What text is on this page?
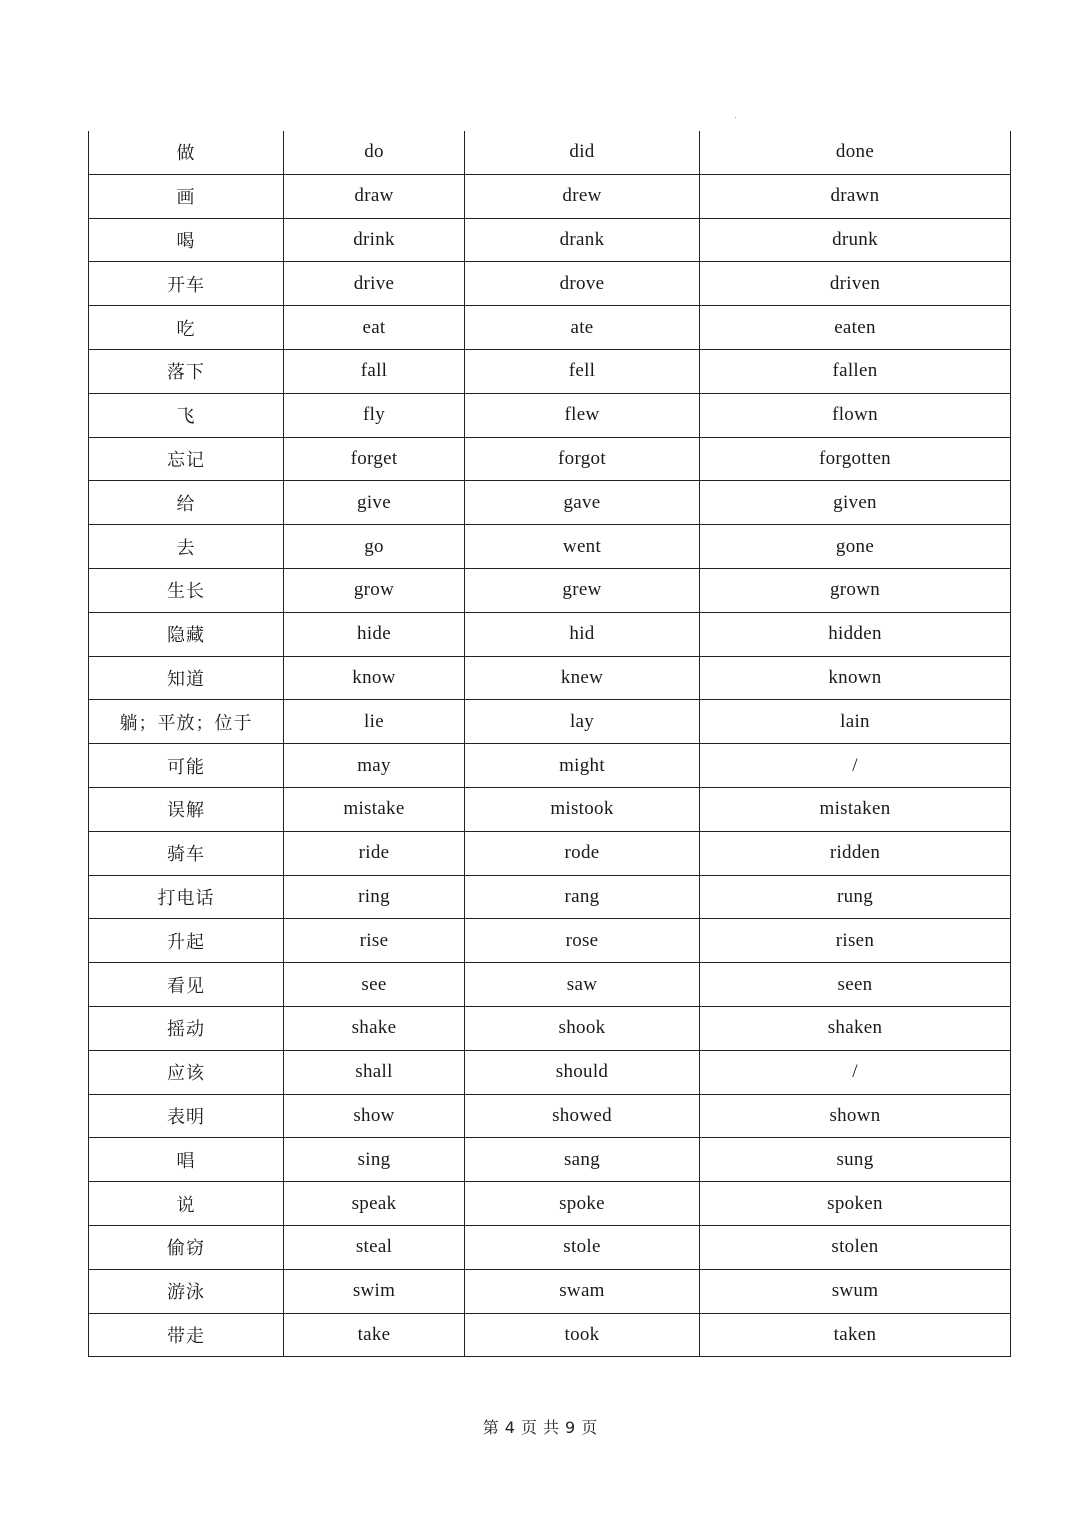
做	do	did	done
画	draw	drew	drawn
喝	drink	drank	drunk
开车	drive	drove	driven
吃	eat	ate	eaten
落下	fall	fell	fallen
飞	fly	flew	flown
忘记	forget	forgot	forgotten
给	give	gave	given
去	go	went	gone
生长	grow	grew	grown
隐藏	hide	hid	hidden
知道	know	knew	known
躺；平放；位于	lie	lay	lain
可能	may	might	/
误解	mistake	mistook	mistaken
骑车	ride	rode	ridden
打电话	ring	rang	rung
升起	rise	rose	risen
看见	see	saw	seen
摇动	shake	shook	shaken
应该	shall	should	/
表明	show	showed	shown
唱	sing	sang	sung
说	speak	spoke	spoken
偷窃	steal	stole	stolen
游泳	swim	swam	swum
带走	take	took	taken
第 4 页 共 9 页
